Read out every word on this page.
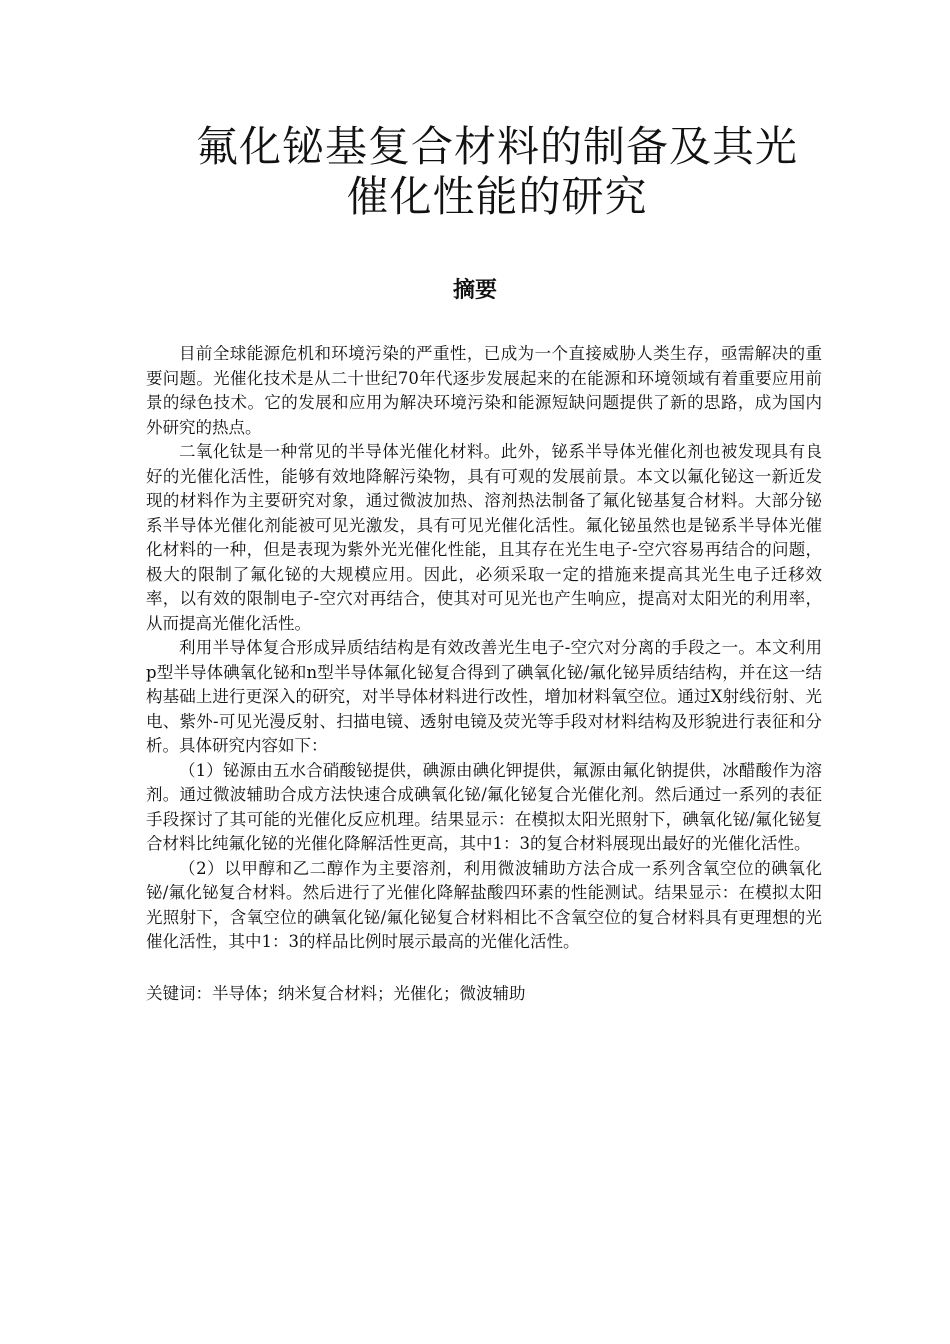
氟化铋基复合材料的制备及其光
催化性能的研究
摘要

目前全球能源危机和环境污染的严重性，已成为一个直接威胁人类生存，亟需解决的重要问题。光催化技术是从二十世纪70年代逐步发展起来的在能源和环境领域有着重要应用前景的绿色技术。它的发展和应用为解决环境污染和能源短缺问题提供了新的思路，成为国内外研究的热点。

二氧化钛是一种常见的半导体光催化材料。此外，铋系半导体光催化剂也被发现具有良好的光催化活性，能够有效地降解污染物，具有可观的发展前景。本文以氟化铋这一新近发现的材料作为主要研究对象，通过微波加热、溶剂热法制备了氟化铋基复合材料。大部分铋系半导体光催化剂能被可见光激发，具有可见光催化活性。氟化铋虽然也是铋系半导体光催化材料的一种，但是表现为紫外光光催化性能，且其存在光生电子-空穴容易再结合的问题，极大的限制了氟化铋的大规模应用。因此，必须采取一定的措施来提高其光生电子迁移效率，以有效的限制电子-空穴对再结合，使其对可见光也产生响应，提高对太阳光的利用率，从而提高光催化活性。

利用半导体复合形成异质结结构是有效改善光生电子-空穴对分离的手段之一。本文利用p型半导体碘氧化铋和n型半导体氟化铋复合得到了碘氧化铋/氟化铋异质结结构，并在这一结构基础上进行更深入的研究，对半导体材料进行改性，增加材料氧空位。通过X射线衍射、光电、紫外-可见光漫反射、扫描电镜、透射电镜及荧光等手段对材料结构及形貌进行表征和分析。具体研究内容如下：

（1）铋源由五水合硝酸铋提供，碘源由碘化钾提供，氟源由氟化钠提供，冰醋酸作为溶剂。通过微波辅助合成方法快速合成碘氧化铋/氟化铋复合光催化剂。然后通过一系列的表征手段探讨了其可能的光催化反应机理。结果显示：在模拟太阳光照射下，碘氧化铋/氟化铋复合材料比纯氟化铋的光催化降解活性更高，其中1：3的复合材料展现出最好的光催化活性。

（2）以甲醇和乙二醇作为主要溶剂，利用微波辅助方法合成一系列含氧空位的碘氧化铋/氟化铋复合材料。然后进行了光催化降解盐酸四环素的性能测试。结果显示：在模拟太阳光照射下，含氧空位的碘氧化铋/氟化铋复合材料相比不含氧空位的复合材料具有更理想的光催化活性，其中1：3的样品比例时展示最高的光催化活性。

关键词：半导体；纳米复合材料；光催化；微波辅助
